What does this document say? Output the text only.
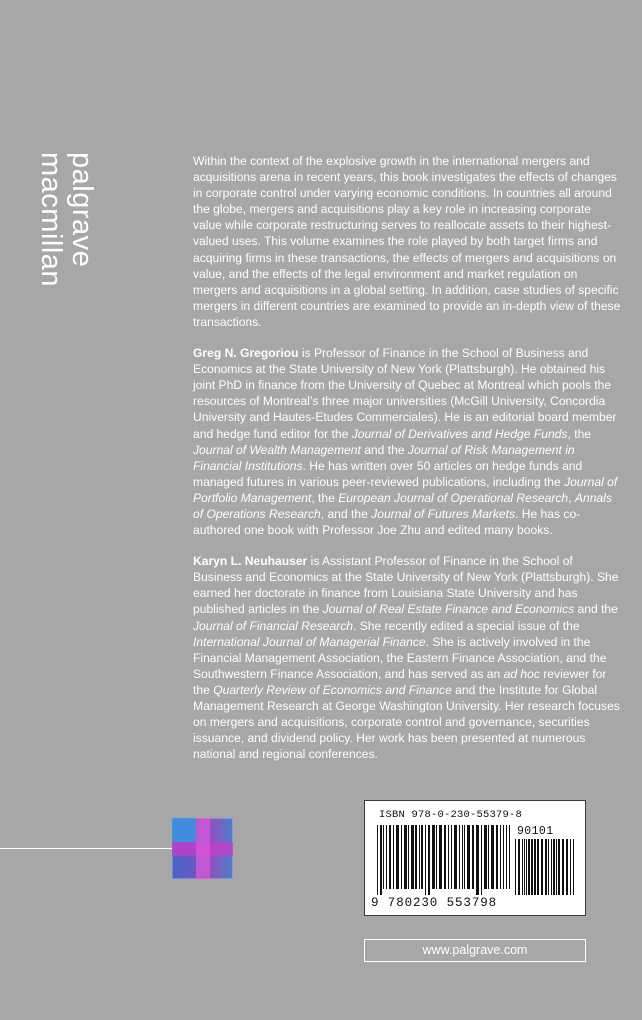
palgrave
macmillan	Within the context of the explosive growth in the international mergers and acquisitions arena in recent years, this book investigates the effects of changes in corporate control under varying economic conditions. In countries all around the globe, mergers and acquisitions play a key role in increasing corporate value while corporate restructuring serves to reallocate assets to their highest-valued uses. This volume examines the role played by both target firms and acquiring firms in these transactions, the effects of mergers and acquisitions on value, and the effects of the legal environment and market regulation on mergers and acquisitions in a global setting. In addition, case studies of specific mergers in different countries are examined to provide an in-depth view of these transactions.

Greg N. Gregoriou is Professor of Finance in the School of Business and Economics at the State University of New York (Plattsburgh). He obtained his joint PhD in finance from the University of Quebec at Montreal which pools the resources of Montreal’s three major universities (McGill University, Concordia University and Hautes-Etudes Commerciales). He is an editorial board member and hedge fund editor for the Journal of Derivatives and Hedge Funds, the Journal of Wealth Management and the Journal of Risk Management in Financial Institutions. He has written over 50 articles on hedge funds and managed futures in various peer-reviewed publications, including the Journal of Portfolio Management, the European Journal of Operational Research, Annals of Operations Research, and the Journal of Futures Markets. He has co-authored one book with Professor Joe Zhu and edited many books.

Karyn L. Neuhauser is Assistant Professor of Finance in the School of Business and Economics at the State University of New York (Plattsburgh). She earned her doctorate in finance from Louisiana State University and has published articles in the Journal of Real Estate Finance and Economics and the Journal of Financial Research. She recently edited a special issue of the International Journal of Managerial Finance. She is actively involved in the Financial Management Association, the Eastern Finance Association, and the Southwestern Finance Association, and has served as an ad hoc reviewer for the Quarterly Review of Economics and Finance and the Institute for Global Management Research at George Washington University. Her research focuses on mergers and acquisitions, corporate control and governance, securities issuance, and dividend policy. Her work has been presented at numerous national and regional conferences.

ISBN 978-0-230-55379-8
90101
9 780230 553798
www.palgrave.com
